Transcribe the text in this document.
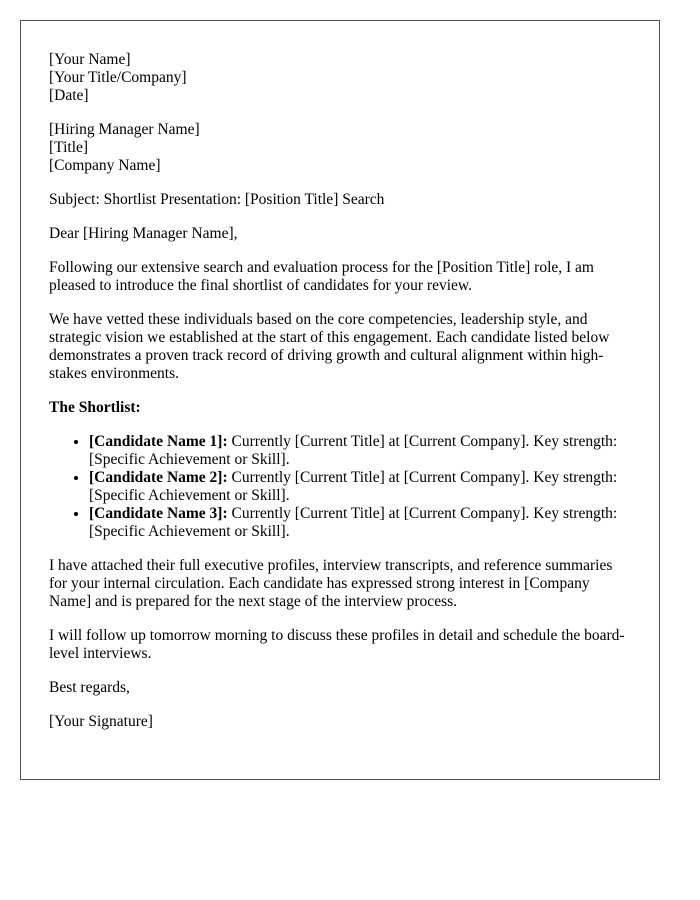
[Your Name]
[Your Title/Company]
[Date]
[Hiring Manager Name]
[Title]
[Company Name]

Subject: Shortlist Presentation: [Position Title] Search

Dear [Hiring Manager Name],

Following our extensive search and evaluation process for the [Position Title] role, I am pleased to introduce the final shortlist of candidates for your review.

We have vetted these individuals based on the core competencies, leadership style, and strategic vision we established at the start of this engagement. Each candidate listed below demonstrates a proven track record of driving growth and cultural alignment within high-stakes environments.

The Shortlist:

• [Candidate Name 1]: Currently [Current Title] at [Current Company]. Key strength: [Specific Achievement or Skill].
• [Candidate Name 2]: Currently [Current Title] at [Current Company]. Key strength: [Specific Achievement or Skill].
• [Candidate Name 3]: Currently [Current Title] at [Current Company]. Key strength: [Specific Achievement or Skill].

I have attached their full executive profiles, interview transcripts, and reference summaries for your internal circulation. Each candidate has expressed strong interest in [Company Name] and is prepared for the next stage of the interview process.

I will follow up tomorrow morning to discuss these profiles in detail and schedule the board-level interviews.

Best regards,

[Your Signature]
